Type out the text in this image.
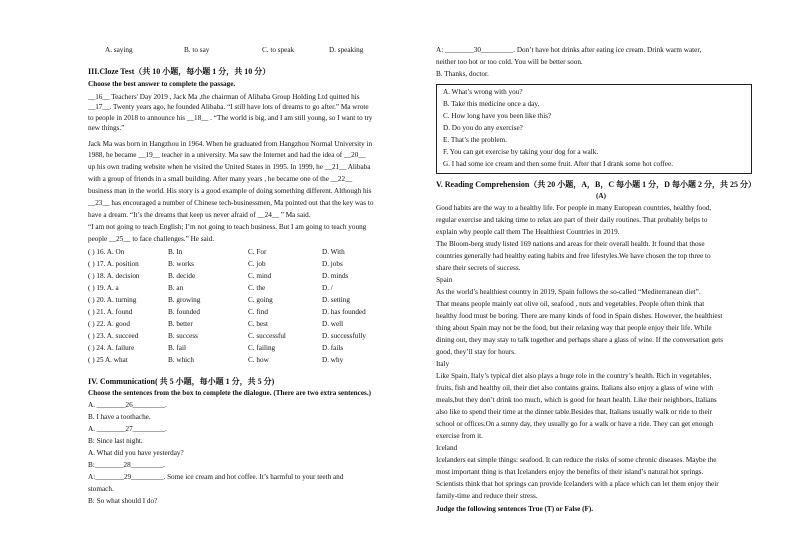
A. saying	B. to say	C. to speak	D. speaking
III.Cloze Test（共 10 小题，每小题 1 分，共 10 分）
Choose the best answer to complete the passage.
__16__ Teachers' Day 2019 , Jack Ma ,the chairman of Alibaba Group Holding Ltd quitted his
__17__. Twenty years ago, he founded Alibaba. “I still have lots of dreams to go after.” Ma wrote
to people in 2018 to announce his __18__ . “The world is big, and I am still young, so I want to try
new things.”
Jack Ma was born in Hangzhou in 1964. When he graduated from Hangzhou Normal University in
1988, he became __19__ teacher in a university. Ma saw the Internet and had the idea of __20__
up his own trading website when he visited the United States in 1995. In 1999, he __21__ Alibaba
with a group of friends in a small building. After many years , he became one of the __22__
business man in the world. His story is a good example of doing something different. Although his
__23__ has encouraged a number of Chinese tech-businessmen, Ma pointed out that the key was to
have a dream. “It’s the dreams that keep us never afraid of __24__ ” Ma said.
“I am not going to teach English; I’m not going to teach business. But I am going to teach young
people __25__ to face challenges.” He said.
( ) 16. A. On	B. In	C. For	D. With
( ) 17. A. position	B. works	C. job	D. jobs
( ) 18. A. decision	B. decide	C. mind	D. minds
( ) 19. A. a	B. an	C. the	D. /
( ) 20. A. turning	B. growing	C. going	D. setting
( ) 21. A. found	B. founded	C. find	D. has founded
( ) 22. A. good	B. better	C. best	D. well
( ) 23. A. succeed	B. success	C. successful	D. successfully
( ) 24. A. failure	B. fail	C. failing	D. fails
( ) 25 A. what	B. which	C. how	D. why
IV. Communication( 共 5 小题，每小题 1 分，共 5 分)
Choose the sentences from the box to complete the dialogue. (There are two extra sentences.)
A. ________26_________.
B. I have a toothache.
A. ________27_________.
B: Since last night.
A. What did you have yesterday?
B:________28_________.
A:________29_________. Some ice cream and hot coffee. It’s harmful to your teeth and
stomach.
B: So what should I do?
A: ________30_________. Don’t have hot drinks after eating ice cream. Drink warm water,
neither too hot or too cold. You will be better soon.
B. Thanks, doctor.
A. What’s wrong with you?
B. Take this medicine once a day.
C. How long have you been like this?
D. Do you do any exercise?
E. That’s the problem.
F. You can get exercise by taking your dog for a walk.
G. I had some ice cream and then some fruit. After that I drank some hot coffee.
V. Reading Comprehension（共 20 小题，A，B，C 每小题 1 分，D 每小题 2 分，共 25 分）
(A)
Good habits are the way to a healthy life. For people in many European countries, healthy food,
regular exercise and taking time to relax are part of their daily routines. That probably helps to
explain why people call them The Healthiest Countries in 2019.
The Bloom-berg study listed 169 nations and areas for their overall health. It found that those
countries generally had healthy eating habits and free lifestyles.We have chosen the top three to
share their secrets of success.
Spain
As the world’s healthiest country in 2019, Spain follows the so-called “Mediterranean diet”.
That means people mainly eat olive oil, seafood , nuts and vegetables. People often think that
healthy food must be boring. There are many kinds of food in Spain dishes. However, the healthiest
thing about Spain may not be the food, but their relaxing way that people enjoy their life. While
dining out, they may stay to talk together and perhaps share a glass of wine. If the conversation gets
good, they’ll stay for hours.
Italy
Like Spain, Italy’s typical diet also plays a huge role in the country’s health. Rich in vegetables,
fruits, fish and healthy oil, their diet also contains grains. Italians also enjoy a glass of wine with
meals,but they don’t drink too much, which is good for heart health. Like their neighbors, Italians
also like to spend their time at the dinner table.Besides that, Italians usually walk or ride to their
school or offices.On a sunny day, they usually go for a walk or have a ride. They can get enough
exercise from it.
Iceland
Icelanders eat simple things: seafood. It can reduce the risks of some chronic diseases. Maybe the
most important thing is that Icelanders enjoy the benefits of their island’s natural hot springs.
Scientists think that hot springs can provide Icelanders with a place which can let them enjoy their
family-time and reduce their stress.
Judge the following sentences True (T) or False (F).
